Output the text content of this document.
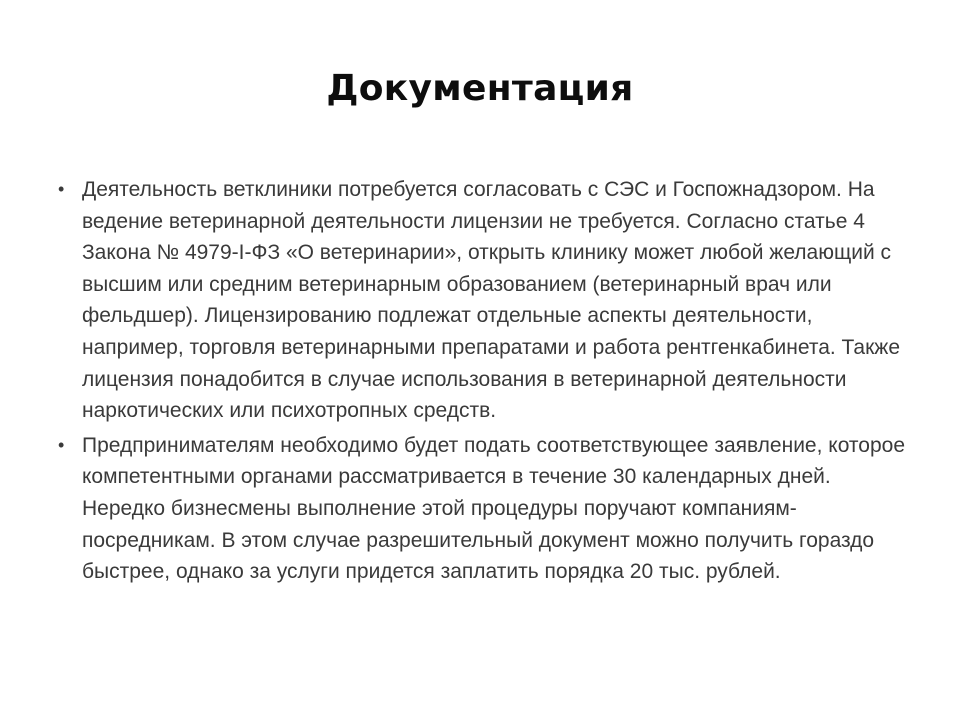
Документация
• Деятельность ветклиники потребуется согласовать с СЭС и Госпожнадзором. На ведение ветеринарной деятельности лицензии не требуется. Согласно статье 4 Закона № 4979-I-ФЗ «О ветеринарии», открыть клинику может любой желающий с высшим или средним ветеринарным образованием (ветеринарный врач или фельдшер). Лицензированию подлежат отдельные аспекты деятельности, например, торговля ветеринарными препаратами и работа рентгенкабинета. Также лицензия понадобится в случае использования в ветеринарной деятельности наркотических или психотропных средств.
• Предпринимателям необходимо будет подать соответствующее заявление, которое компетентными органами рассматривается в течение 30 календарных дней. Нередко бизнесмены выполнение этой процедуры поручают компаниям-посредникам. В этом случае разрешительный документ можно получить гораздо быстрее, однако за услуги придется заплатить порядка 20 тыс. рублей.
